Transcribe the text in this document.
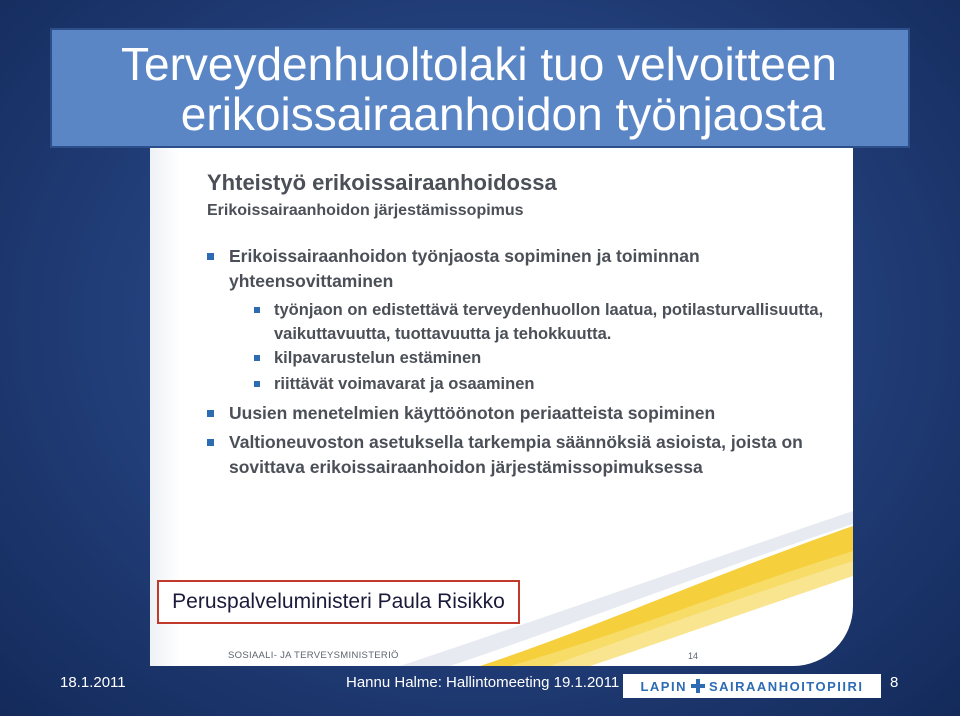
Terveydenhuoltolaki tuo velvoitteen
erikoissairaanhoidon työnjaosta
Yhteistyö erikoissairaanhoidossa
Erikoissairaanhoidon järjestämissopimus
Erikoissairaanhoidon työnjaosta sopiminen ja toiminnan yhteensovittaminen
työnjaon on edistettävä terveydenhuollon laatua, potilasturvallisuutta, vaikuttavuutta, tuottavuutta ja tehokkuutta.
kilpavarustelun estäminen
riittävät voimavarat ja osaaminen
Uusien menetelmien käyttöönoton periaatteista sopiminen
Valtioneuvoston asetuksella tarkempia säännöksiä asioista, joista on sovittava erikoissairaanhoidon järjestämissopimuksessa
SOSIAALI- JA TERVEYSMINISTERIÖ	14
Peruspalveluministeri Paula Risikko
18.1.2011	Hannu Halme: Hallintomeeting 19.1.2011 LAPIN SAIRAANHOITOPIIRI 8
